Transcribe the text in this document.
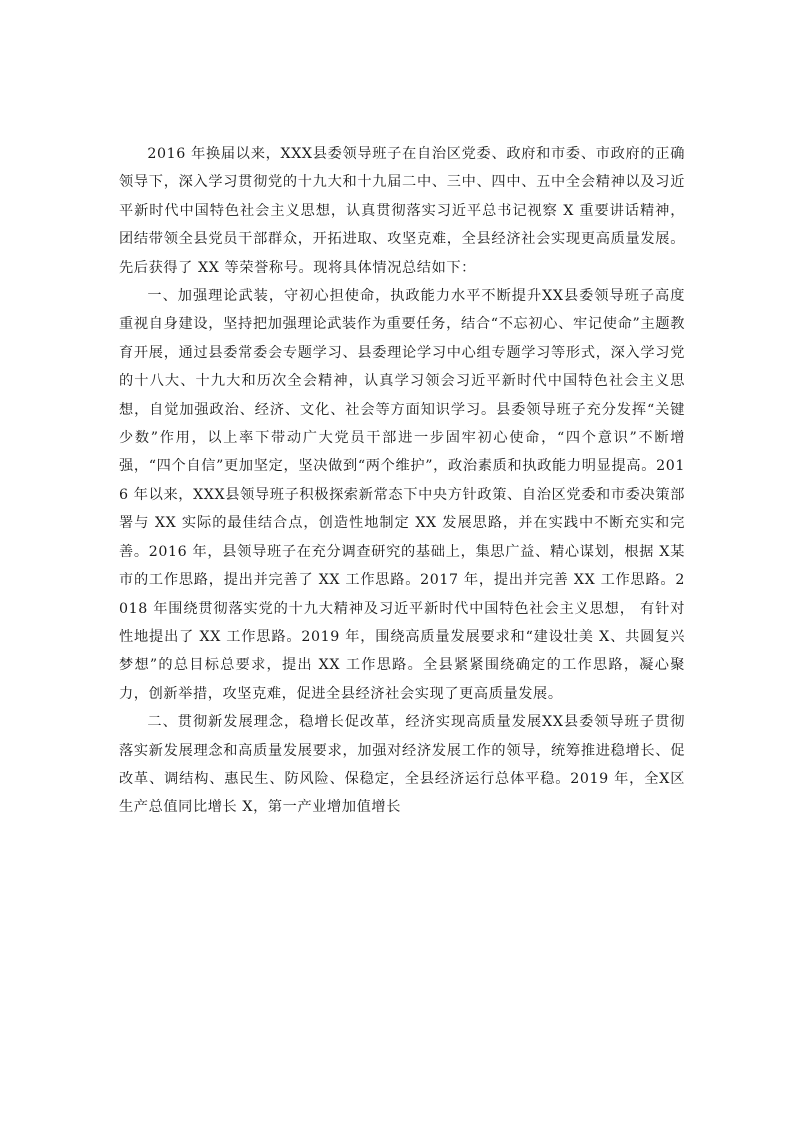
2016 年换届以来，XXX县委领导班子在自治区党委、政府和市委、市政府的正确领导下，深入学习贯彻党的十九大和十九届二中、三中、四中、五中全会精神以及习近平新时代中国特色社会主义思想，认真贯彻落实习近平总书记视察 X 重要讲话精神，团结带领全县党员干部群众，开拓进取、攻坚克难，全县经济社会实现更高质量发展。先后获得了 XX 等荣誉称号。现将具体情况总结如下：

一、加强理论武装，守初心担使命，执政能力水平不断提升XX县委领导班子高度重视自身建设，坚持把加强理论武装作为重要任务，结合“不忘初心、牢记使命”主题教育开展，通过县委常委会专题学习、县委理论学习中心组专题学习等形式，深入学习党的十八大、十九大和历次全会精神，认真学习领会习近平新时代中国特色社会主义思想，自觉加强政治、经济、文化、社会等方面知识学习。县委领导班子充分发挥“关键少数”作用，以上率下带动广大党员干部进一步固牢初心使命，“四个意识”不断增强，“四个自信”更加坚定，坚决做到“两个维护”，政治素质和执政能力明显提高。2016 年以来，XXX县领导班子积极探索新常态下中央方针政策、自治区党委和市委决策部署与 XX 实际的最佳结合点，创造性地制定 XX 发展思路，并在实践中不断充实和完善。2016 年，县领导班子在充分调查研究的基础上，集思广益、精心谋划，根据 X某市的工作思路，提出并完善了 XX 工作思路。2017 年，提出并完善 XX 工作思路。2018 年围绕贯彻落实党的十九大精神及习近平新时代中国特色社会主义思想， 有针对性地提出了 XX 工作思路。2019 年，围绕高质量发展要求和“建设壮美 X、共圆复兴梦想”的总目标总要求，提出 XX 工作思路。全县紧紧围绕确定的工作思路，凝心聚力，创新举措，攻坚克难，促进全县经济社会实现了更高质量发展。

二、贯彻新发展理念，稳增长促改革，经济实现高质量发展XX县委领导班子贯彻落实新发展理念和高质量发展要求，加强对经济发展工作的领导，统筹推进稳增长、促改革、调结构、惠民生、防风险、保稳定，全县经济运行总体平稳。2019 年，全X区生产总值同比增长 X，第一产业增加值增长
